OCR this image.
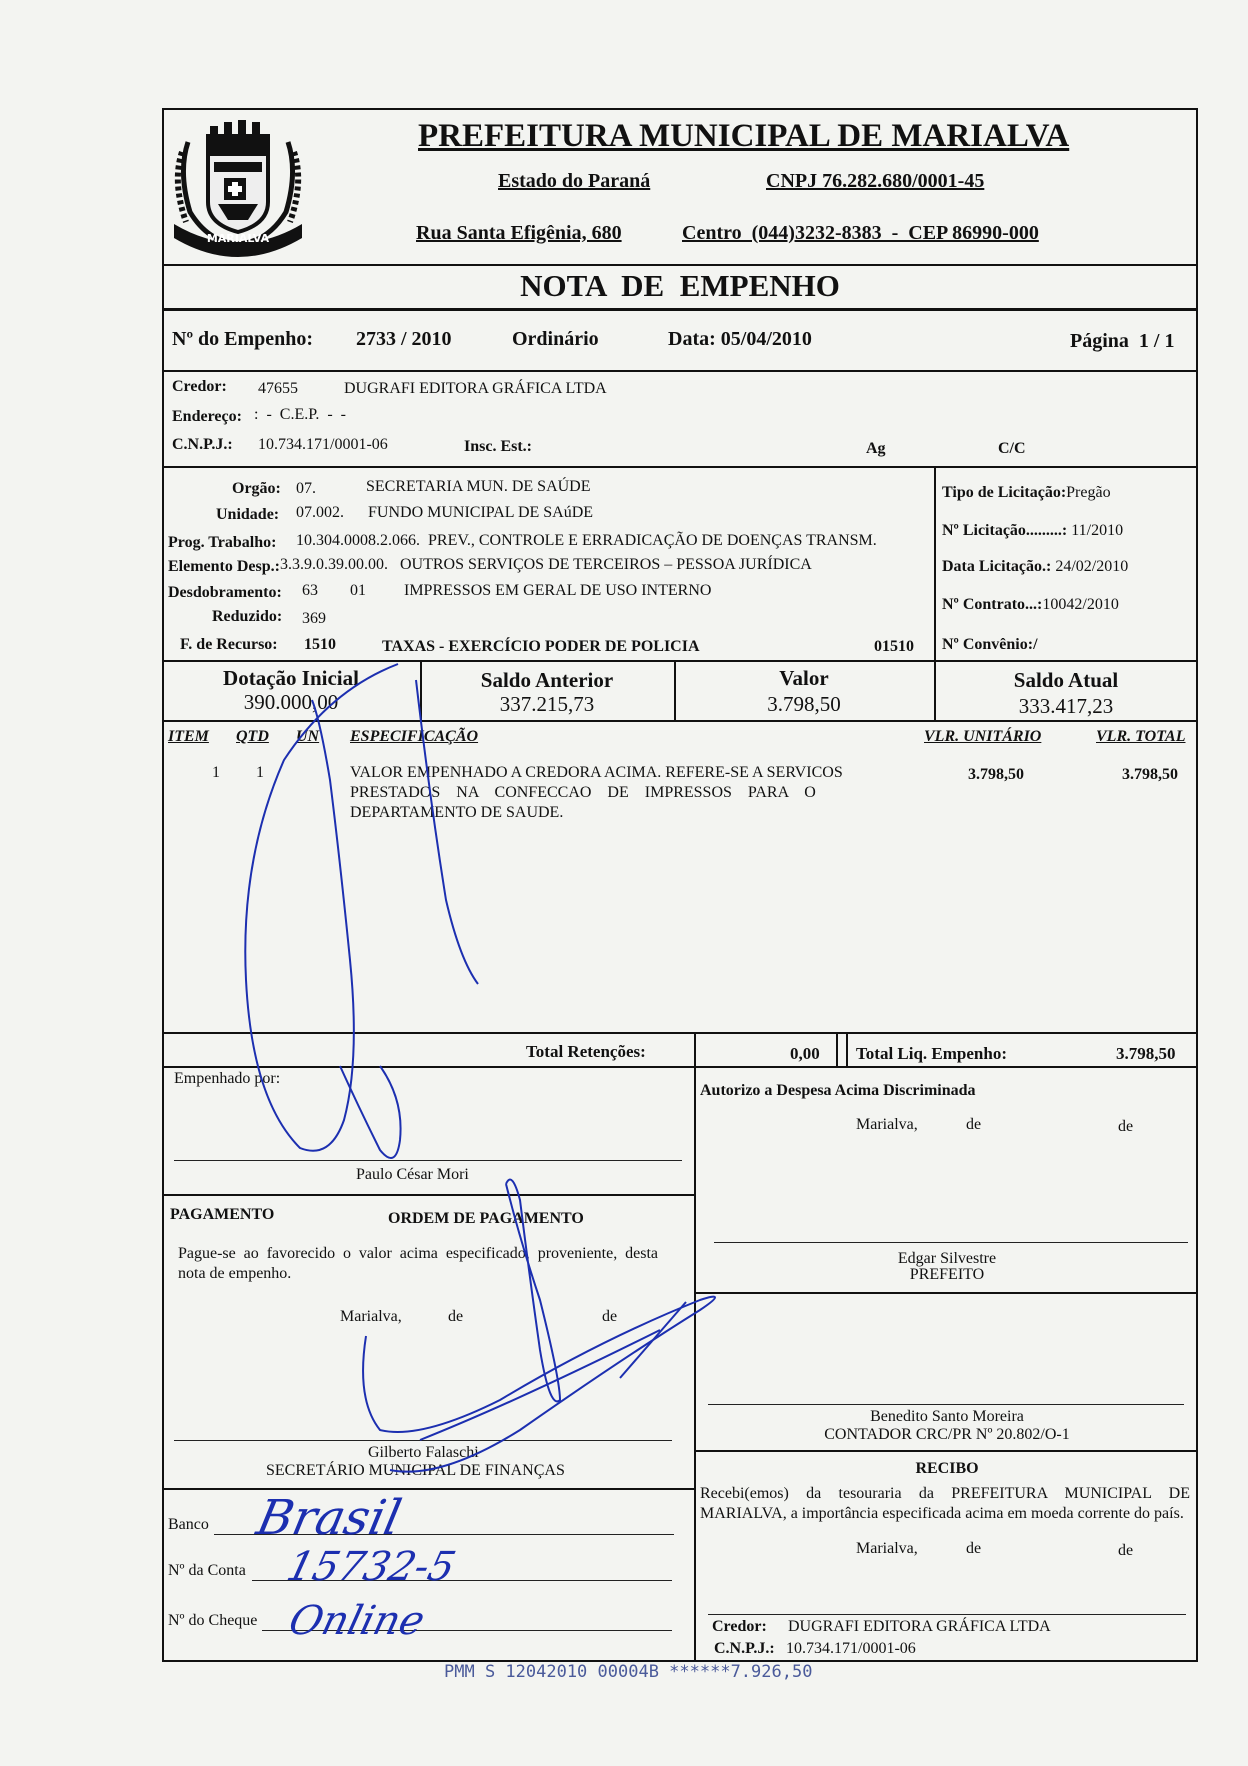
MARIALVA
PREFEITURA MUNICIPAL DE MARIALVA
Estado do Paraná	CNPJ 76.282.680/0001-45
Rua Santa Efigênia, 680	Centro  (044)3232-8383  -  CEP 86990-000
NOTA  DE  EMPENHO
Nº do Empenho: 2733 / 2010	Ordinário	Data: 05/04/2010	Página  1 / 1
Credor: 47655	DUGRAFI EDITORA GRÁFICA LTDA
Endereço: :  -  C.E.P.  -  -
C.N.P.J.: 10.734.171/0001-06	Insc. Est.:	Ag	C/C
Orgão: 07.	SECRETARIA MUN. DE SAÚDE
Unidade: 07.002. FUNDO MUNICIPAL DE SAúDE
Prog. Trabalho: 10.304.0008.2.066.  PREV., CONTROLE E ERRADICAÇÃO DE DOENÇAS TRANSM.
Elemento Desp.: 3.3.9.0.39.00.00.   OUTROS SERVIÇOS DE TERCEIROS – PESSOA JURÍDICA
Desdobramento: 63 01 IMPRESSOS EM GERAL DE USO INTERNO
Reduzido: 369
F. de Recurso: 1510	TAXAS - EXERCÍCIO PODER DE POLICIA	01510
Tipo de Licitação:Pregão
Nº Licitação.........: 11/2010
Data Licitação.: 24/02/2010
Nº Contrato...:10042/2010
Nº Convênio:/
Dotação Inicial
390.000,00
Saldo Anterior
337.215,73
Valor
3.798,50
Saldo Atual
333.417,23
ITEM QTD UN ESPECIFICAÇÃO	VLR. UNITÁRIO	VLR. TOTAL
1 1	VALOR EMPENHADO A CREDORA ACIMA. REFERE-SE A SERVICOS
PRESTADOS    NA    CONFECCAO    DE    IMPRESSOS    PARA    O
DEPARTAMENTO DE SAUDE.
3.798,50	3.798,50
Total Retenções:	0,00 Total Liq. Empenho:	3.798,50
Empenhado por:
Paulo César Mori
PAGAMENTO	ORDEM DE PAGAMENTO
Pague-se ao favorecido o valor acima especificado, proveniente, desta nota de empenho.
Marialva,	de	de
Gilberto Falaschi
SECRETÁRIO MUNICIPAL DE FINANÇAS
Banco
Nº da Conta
Nº do Cheque
Brasil
15732-5
Online
Autorizo a Despesa Acima Discriminada
Marialva,	de	de
Edgar Silvestre
PREFEITO
Benedito Santo Moreira
CONTADOR CRC/PR Nº 20.802/O-1
RECIBO
Recebi(emos) da tesouraria da PREFEITURA MUNICIPAL DE MARIALVA, a importância especificada acima em moeda corrente do país.
Marialva,	de	de
Credor: DUGRAFI EDITORA GRÁFICA LTDA
C.N.P.J.: 10.734.171/0001-06
PMM S 12042010 00004B ******7.926,50
